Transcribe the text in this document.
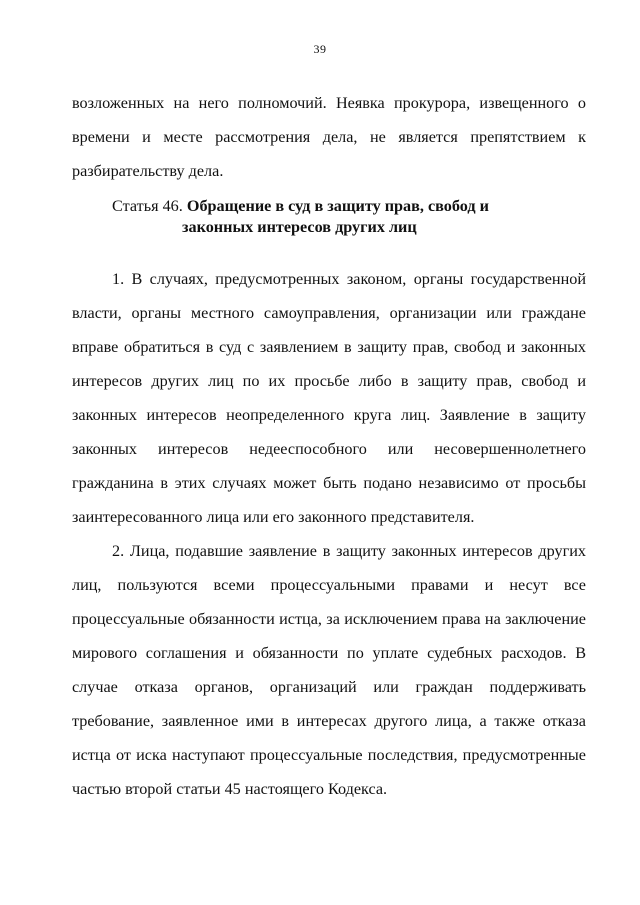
39

возложенных на него полномочий. Неявка прокурора, извещенного о времени и месте рассмотрения дела, не является препятствием к разбирательству дела.

Статья 46. Обращение в суд в защиту прав, свобод и
законных интересов других лиц

1. В случаях, предусмотренных законом, органы государственной власти, органы местного самоуправления, организации или граждане вправе обратиться в суд с заявлением в защиту прав, свобод и законных интересов других лиц по их просьбе либо в защиту прав, свобод и законных интересов неопределенного круга лиц. Заявление в защиту законных интересов недееспособного или несовершеннолетнего гражданина в этих случаях может быть подано независимо от просьбы заинтересованного лица или его законного представителя.

2. Лица, подавшие заявление в защиту законных интересов других лиц, пользуются всеми процессуальными правами и несут все процессуальные обязанности истца, за исключением права на заключение мирового соглашения и обязанности по уплате судебных расходов. В случае отказа органов, организаций или граждан поддерживать требование, заявленное ими в интересах другого лица, а также отказа истца от иска наступают процессуальные последствия, предусмотренные частью второй статьи 45 настоящего Кодекса.
